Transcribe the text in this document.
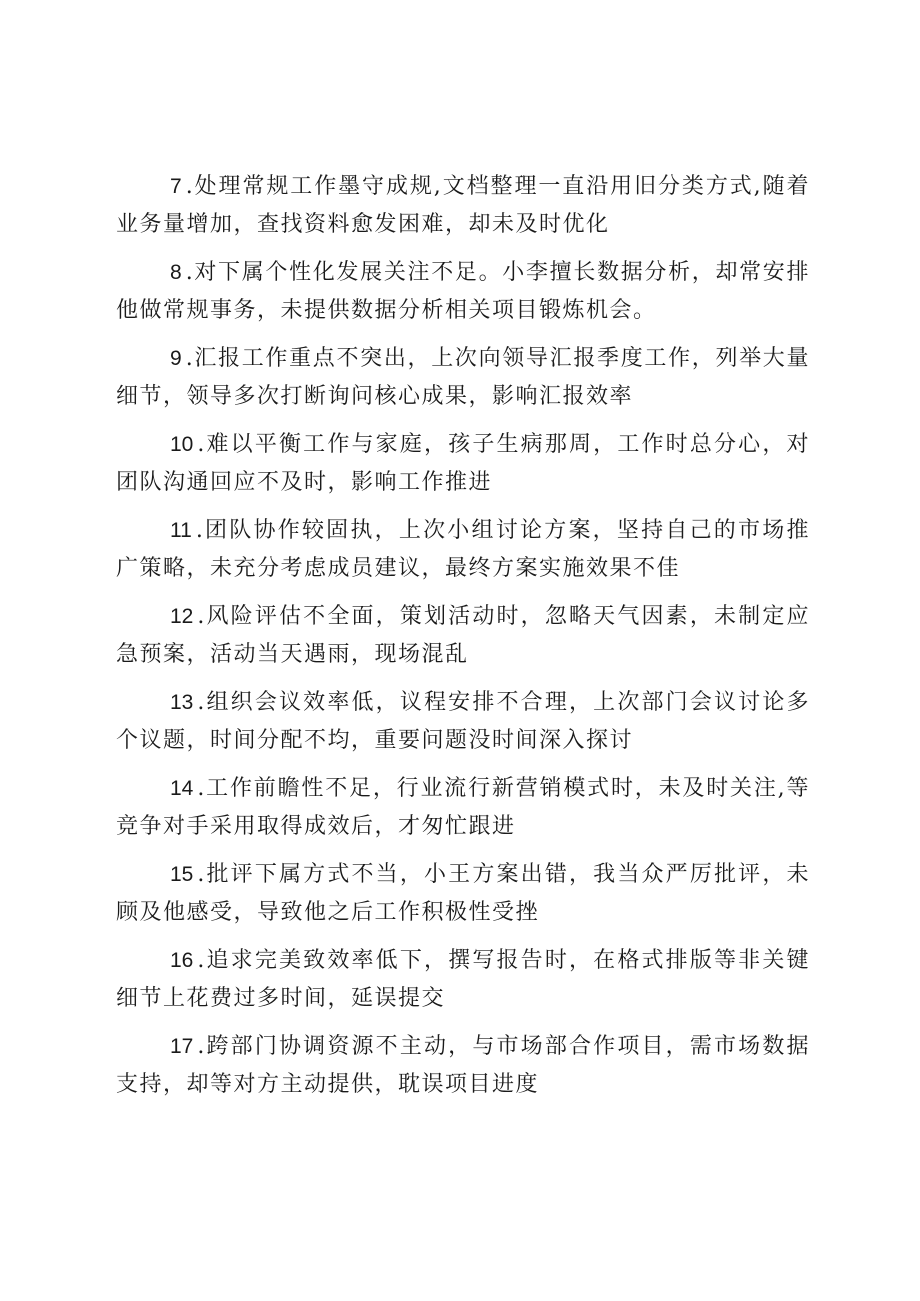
7 .处理常规工作墨守成规,文档整理一直沿用旧分类方式,随着业务量增加，查找资料愈发困难，却未及时优化

8 .对下属个性化发展关注不足。小李擅长数据分析，却常安排他做常规事务，未提供数据分析相关项目锻炼机会。

9 .汇报工作重点不突出，上次向领导汇报季度工作，列举大量细节，领导多次打断询问核心成果，影响汇报效率

10 .难以平衡工作与家庭，孩子生病那周，工作时总分心，对团队沟通回应不及时，影响工作推进

11 .团队协作较固执，上次小组讨论方案，坚持自己的市场推广策略，未充分考虑成员建议，最终方案实施效果不佳

12 .风险评估不全面，策划活动时，忽略天气因素，未制定应急预案，活动当天遇雨，现场混乱

13 .组织会议效率低，议程安排不合理，上次部门会议讨论多个议题，时间分配不均，重要问题没时间深入探讨

14 .工作前瞻性不足，行业流行新营销模式时，未及时关注,等竞争对手采用取得成效后，才匆忙跟进

15 .批评下属方式不当，小王方案出错，我当众严厉批评，未顾及他感受，导致他之后工作积极性受挫

16 .追求完美致效率低下，撰写报告时，在格式排版等非关键细节上花费过多时间，延误提交

17 .跨部门协调资源不主动，与市场部合作项目，需市场数据支持，却等对方主动提供，耽误项目进度
